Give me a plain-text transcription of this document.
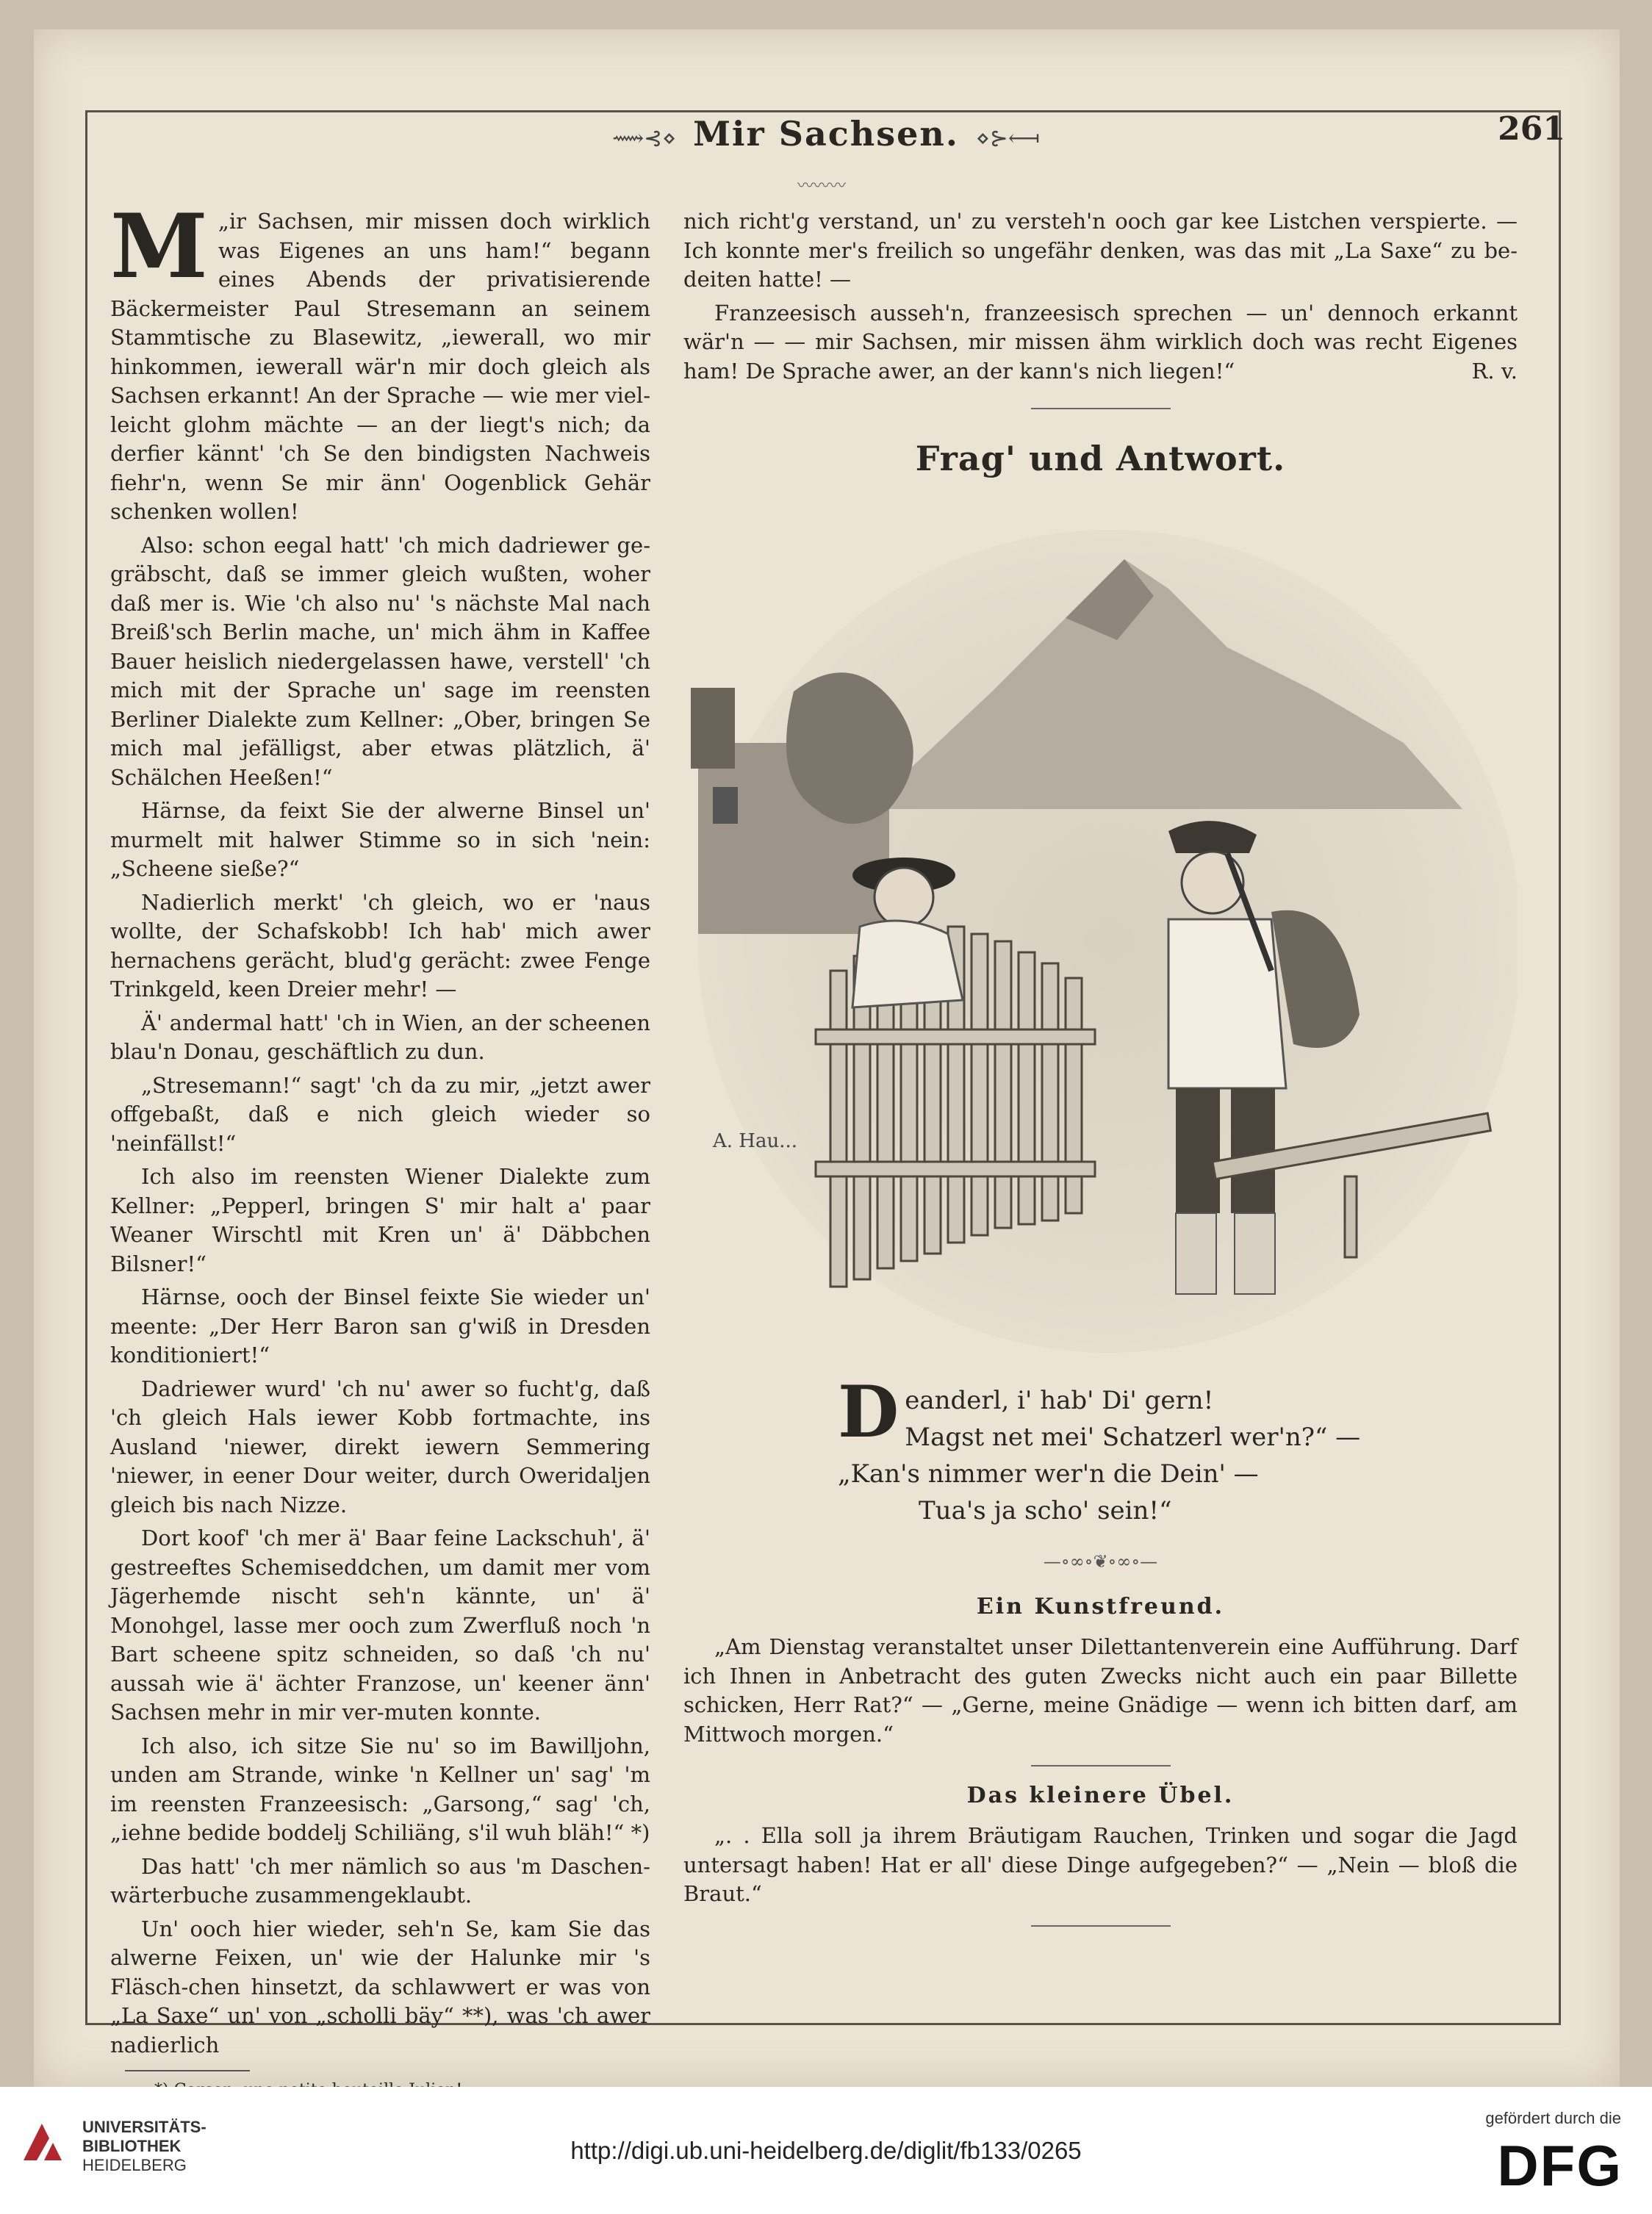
⟿⊰⋄ Mir Sachsen. ⋄⊱⟻	261
〰〰〰

M „ir Sachsen, mir missen doch wirklich was Eigenes an uns ham!“ begann eines Abends der privatisierende Bäckermeister Paul Stresemann an seinem Stammtische zu Blasewitz, „iewerall, wo mir hinkommen, iewerall wär'n mir doch gleich als Sachsen erkannt! An der Sprache — wie mer viel-leicht glohm mächte — an der liegt's nich; da derfier kännt' 'ch Se den bindigsten Nachweis fiehr'n, wenn Se mir änn' Oogenblick Gehär schenken wollen!

Also: schon eegal hatt' 'ch mich dadriewer ge-gräbscht, daß se immer gleich wußten, woher daß mer is. Wie 'ch also nu' 's nächste Mal nach Breiß'sch Berlin mache, un' mich ähm in Kaffee Bauer heislich niedergelassen hawe, verstell' 'ch mich mit der Sprache un' sage im reensten Berliner Dialekte zum Kellner: „Ober, bringen Se mich mal jefälligst, aber etwas plätzlich, ä' Schälchen Heeßen!“

Härnse, da feixt Sie der alwerne Binsel un' murmelt mit halwer Stimme so in sich 'nein: „Scheene sieße?“

Nadierlich merkt' 'ch gleich, wo er 'naus wollte, der Schafskobb! Ich hab' mich awer hernachens gerächt, blud'g gerächt: zwee Fenge Trinkgeld, keen Dreier mehr! —

Ä' andermal hatt' 'ch in Wien, an der scheenen blau'n Donau, geschäftlich zu dun.

„Stresemann!“ sagt' 'ch da zu mir, „jetzt awer offgebaßt, daß e nich gleich wieder so 'neinfällst!“

Ich also im reensten Wiener Dialekte zum Kellner: „Pepperl, bringen S' mir halt a' paar Weaner Wirschtl mit Kren un' ä' Däbbchen Bilsner!“

Härnse, ooch der Binsel feixte Sie wieder un' meente: „Der Herr Baron san g'wiß in Dresden konditioniert!“

Dadriewer wurd' 'ch nu' awer so fucht'g, daß 'ch gleich Hals iewer Kobb fortmachte, ins Ausland 'niewer, direkt iewern Semmering 'niewer, in eener Dour weiter, durch Oweridaljen gleich bis nach Nizze.

Dort koof' 'ch mer ä' Baar feine Lackschuh', ä' gestreeftes Schemiseddchen, um damit mer vom Jägerhemde nischt seh'n kännte, un' ä' Monohgel, lasse mer ooch zum Zwerfluß noch 'n Bart scheene spitz schneiden, so daß 'ch nu' aussah wie ä' ächter Franzose, un' keener änn' Sachsen mehr in mir ver-muten konnte.

Ich also, ich sitze Sie nu' so im Bawilljohn, unden am Strande, winke 'n Kellner un' sag' 'm im reensten Franzeesisch: „Garsong,“ sag' 'ch, „iehne bedide boddelj Schiliäng, s'il wuh bläh!“ *)

Das hatt' 'ch mer nämlich so aus 'm Daschen-wärterbuche zusammengeklaubt.

Un' ooch hier wieder, seh'n Se, kam Sie das alwerne Feixen, un' wie der Halunke mir 's Fläsch-chen hinsetzt, da schlawwert er was von „La Saxe“ un' von „scholli bäy“ **), was 'ch awer nadierlich

nich richt'g verstand, un' zu versteh'n ooch gar kee Listchen verspierte. — Ich konnte mer's freilich so ungefähr denken, was das mit „La Saxe“ zu be-deiten hatte! —

Franzeesisch ausseh'n, franzeesisch sprechen — un' dennoch erkannt wär'n — — mir Sachsen, mir missen ähm wirklich doch was recht Eigenes ham! De Sprache awer, an der kann's nich liegen!“	R. v.

Frag' und Antwort.
A. Hau...
D eanderl, i' hab' Di' gern!
Magst net mei' Schatzerl wer'n?“ —
„Kan's nimmer wer'n die Dein' —
Tua's ja scho' sein!“
—∘∞∘❦∘∞∘—
Ein Kunstfreund.

„Am Dienstag veranstaltet unser Dilettantenverein eine Aufführung. Darf ich Ihnen in Anbetracht des guten Zwecks nicht auch ein paar Billette schicken, Herr Rat?“ — „Gerne, meine Gnädige — wenn ich bitten darf, am Mittwoch morgen.“

Das kleinere Übel.

„. . Ella soll ja ihrem Bräutigam Rauchen, Trinken und sogar die Jagd untersagt haben! Hat er all' diese Dinge aufgegeben?“ — „Nein — bloß die Braut.“

UNIVERSITÄTS-
BIBLIOTHEK
HEIDELBERG
http://digi.ub.uni-heidelberg.de/diglit/fb133/0265
gefördert durch die
DFG
